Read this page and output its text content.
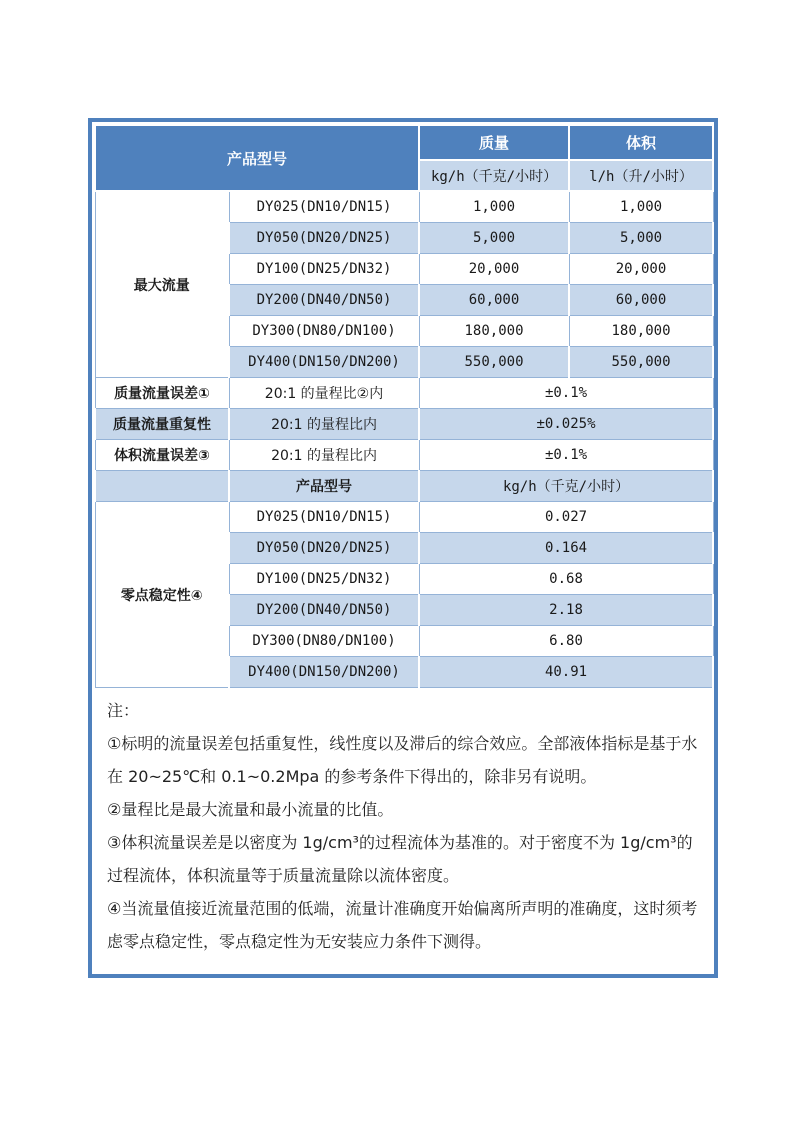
产品型号		质量	体积
		kg/h（千克/小时）	l/h（升/小时）
最大流量	DY025(DN10/DN15)	1,000	1,000
	DY050(DN20/DN25)	5,000	5,000
	DY100(DN25/DN32)	20,000	20,000
	DY200(DN40/DN50)	60,000	60,000
	DY300(DN80/DN100)	180,000	180,000
	DY400(DN150/DN200)	550,000	550,000
质量流量误差①	20:1 的量程比②内	±0.1%	
质量流量重复性	20:1 的量程比内	±0.025%	
体积流量误差③	20:1 的量程比内	±0.1%	
	产品型号	kg/h（千克/小时）	
零点稳定性④	DY025(DN10/DN15)	0.027	
	DY050(DN20/DN25)	0.164	
	DY100(DN25/DN32)	0.68	
	DY200(DN40/DN50)	2.18	
	DY300(DN80/DN100)	6.80	
	DY400(DN150/DN200)	40.91	

注：

①标明的流量误差包括重复性，线性度以及滞后的综合效应。全部液体指标是基于水在 20~25℃和 0.1~0.2Mpa 的参考条件下得出的，除非另有说明。

②量程比是最大流量和最小流量的比值。

③体积流量误差是以密度为 1g/cm³的过程流体为基准的。对于密度不为 1g/cm³的过程流体，体积流量等于质量流量除以流体密度。

④当流量值接近流量范围的低端，流量计准确度开始偏离所声明的准确度，这时须考虑零点稳定性，零点稳定性为无安装应力条件下测得。
